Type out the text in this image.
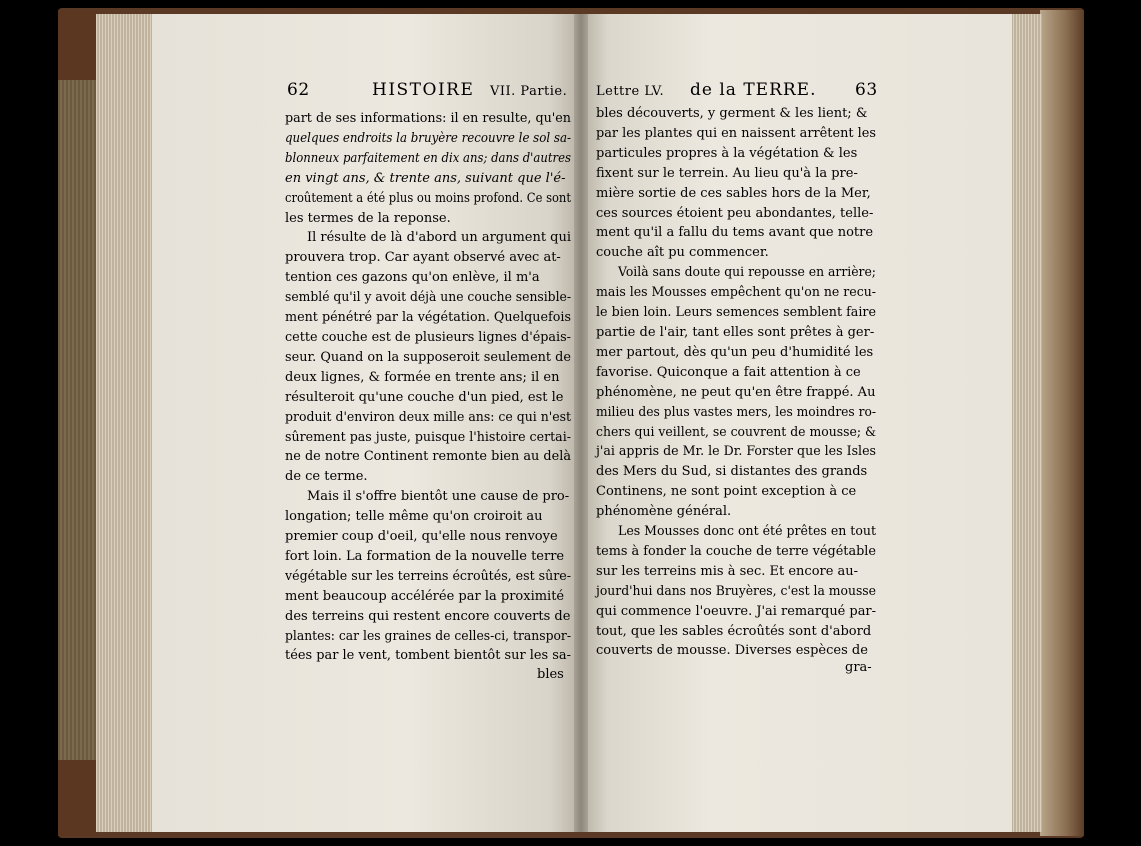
62	HISTOIRE VII. Partie. Lettre LV. de la TERRE. 63

part de ses informations: il en resulte, qu'en

quelques endroits la bruyère recouvre le sol sa-

blonneux parfaitement en dix ans; dans d'autres

en vingt ans, & trente ans, suivant que l'é-

croûtement a été plus ou moins profond. Ce sont

les termes de la reponse.

Il résulte de là d'abord un argument qui

prouvera trop. Car ayant observé avec at-

tention ces gazons qu'on enlève, il m'a

semblé qu'il y avoit déjà une couche sensible-

ment pénétré par la végétation. Quelquefois

cette couche est de plusieurs lignes d'épais-

seur. Quand on la supposeroit seulement de

deux lignes, & formée en trente ans; il en

résulteroit qu'une couche d'un pied, est le

produit d'environ deux mille ans: ce qui n'est

sûrement pas juste, puisque l'histoire certai-

ne de notre Continent remonte bien au delà

de ce terme.

Mais il s'offre bientôt une cause de pro-

longation; telle même qu'on croiroit au

premier coup d'oeil, qu'elle nous renvoye

fort loin. La formation de la nouvelle terre

végétable sur les terreins écroûtés, est sûre-

ment beaucoup accélérée par la proximité

des terreins qui restent encore couverts de

plantes: car les graines de celles-ci, transpor-

tées par le vent, tombent bientôt sur les sa-

bles

bles découverts, y germent & les lient; &

par les plantes qui en naissent arrêtent les

particules propres à la végétation & les

fixent sur le terrein. Au lieu qu'à la pre-

mière sortie de ces sables hors de la Mer,

ces sources étoient peu abondantes, telle-

ment qu'il a fallu du tems avant que notre

couche aît pu commencer.

Voilà sans doute qui repousse en arrière;

mais les Mousses empêchent qu'on ne recu-

le bien loin. Leurs semences semblent faire

partie de l'air, tant elles sont prêtes à ger-

mer partout, dès qu'un peu d'humidité les

favorise. Quiconque a fait attention à ce

phénomène, ne peut qu'en être frappé. Au

milieu des plus vastes mers, les moindres ro-

chers qui veillent, se couvrent de mousse; &

j'ai appris de Mr. le Dr. Forster que les Isles

des Mers du Sud, si distantes des grands

Continens, ne sont point exception à ce

phénomène général.

Les Mousses donc ont été prêtes en tout

tems à fonder la couche de terre végétable

sur les terreins mis à sec. Et encore au-

jourd'hui dans nos Bruyères, c'est la mousse

qui commence l'oeuvre. J'ai remarqué par-

tout, que les sables écroûtés sont d'abord

couverts de mousse. Diverses espèces de

gra-
